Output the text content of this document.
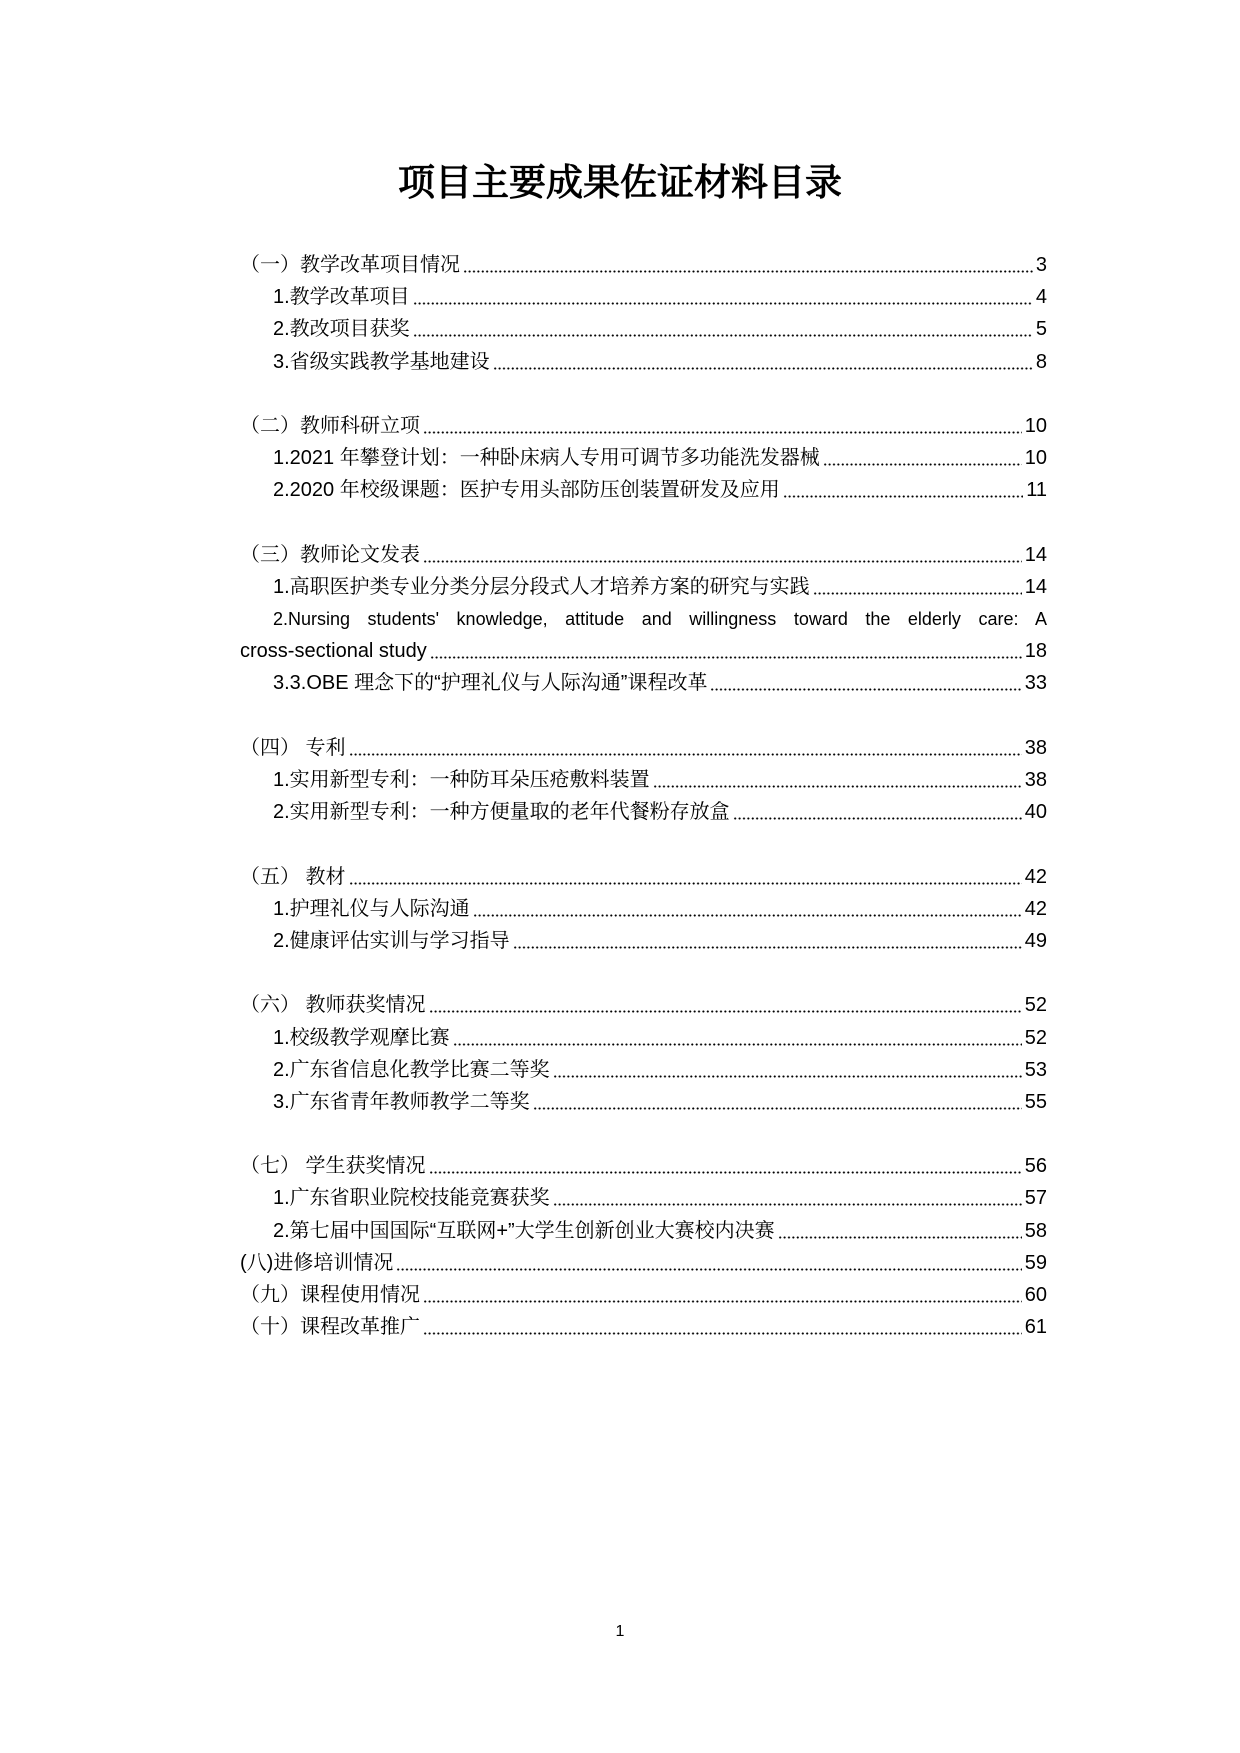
项目主要成果佐证材料目录
（一）教学改革项目情况	3
1.教学改革项目	4
2.教改项目获奖	5
3.省级实践教学基地建设	8
（二）教师科研立项	10
1.2021 年攀登计划：一种卧床病人专用可调节多功能洗发器械	10
2.2020 年校级课题：医护专用头部防压创装置研发及应用	11
（三）教师论文发表	14
1.高职医护类专业分类分层分段式人才培养方案的研究与实践	14
2.Nursing students' knowledge, attitude and willingness toward the elderly care: A
cross-sectional study	18
3.3.OBE 理念下的“护理礼仪与人际沟通”课程改革	33
（四） 专利	38
1.实用新型专利：一种防耳朵压疮敷料装置	38
2.实用新型专利：一种方便量取的老年代餐粉存放盒	40
（五） 教材	42
1.护理礼仪与人际沟通	42
2.健康评估实训与学习指导	49
（六） 教师获奖情况	52
1.校级教学观摩比赛	52
2.广东省信息化教学比赛二等奖	53
3.广东省青年教师教学二等奖	55
（七） 学生获奖情况	56
1.广东省职业院校技能竞赛获奖	57
2.第七届中国国际“互联网+”大学生创新创业大赛校内决赛	58
(八)进修培训情况	59
（九）课程使用情况	60
（十）课程改革推广	61
1
